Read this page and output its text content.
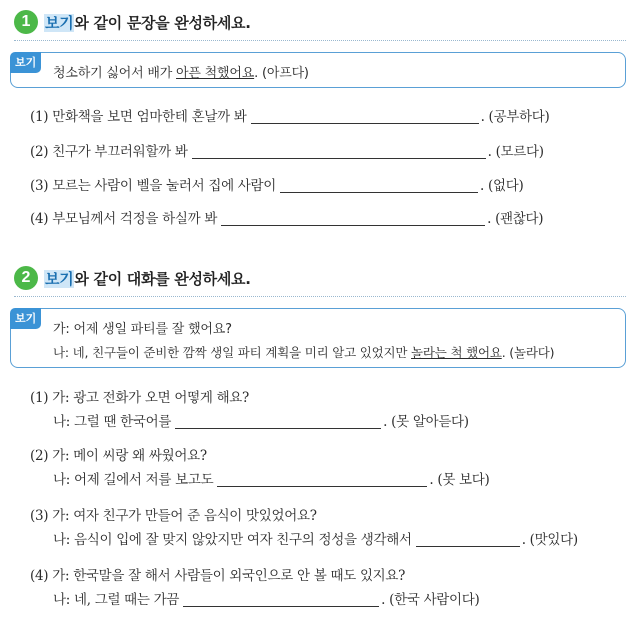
1 보기와 같이 문장을 완성하세요.
보기
청소하기 싫어서 배가 아픈 척했어요. (아프다)
(1) 만화책을 보면 엄마한테 혼날까 봐	. (공부하다)
(2) 친구가 부끄러워할까 봐	. (모르다)
(3) 모르는 사람이 벨을 눌러서 집에 사람이	. (없다)
(4) 부모님께서 걱정을 하실까 봐	. (괜찮다)
2 보기와 같이 대화를 완성하세요.
보기
가: 어제 생일 파티를 잘 했어요?
나: 네, 친구들이 준비한 깜짝 생일 파티 계획을 미리 알고 있었지만 놀라는 척 했어요. (놀라다)
(1) 가: 광고 전화가 오면 어떻게 해요?
나: 그럴 땐 한국어를	. (못 알아듣다)
(2) 가: 메이 씨랑 왜 싸웠어요?
나: 어제 길에서 저를 보고도	. (못 보다)
(3) 가: 여자 친구가 만들어 준 음식이 맛있었어요?
나: 음식이 입에 잘 맞지 않았지만 여자 친구의 정성을 생각해서	. (맛있다)
(4) 가: 한국말을 잘 해서 사람들이 외국인으로 안 볼 때도 있지요?
나: 네, 그럴 때는 가끔	. (한국 사람이다)
